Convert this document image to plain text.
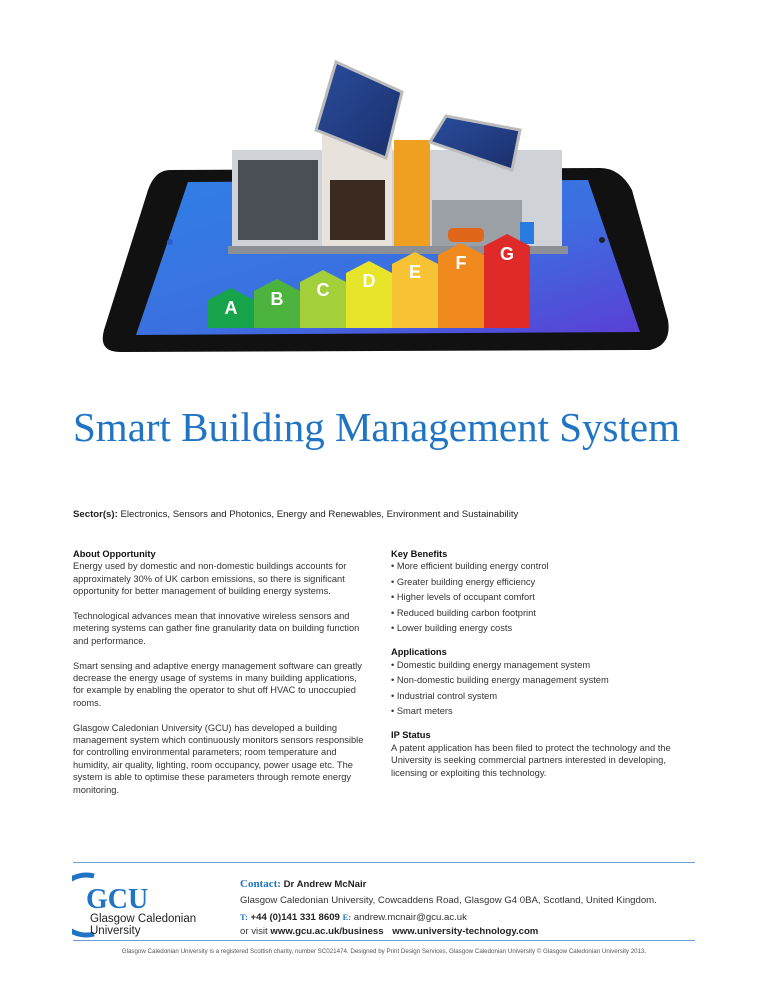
A B C D E F G
Smart Building Management System
Sector(s): Electronics, Sensors and Photonics, Energy and Renewables, Environment and Sustainability
About Opportunity

Energy used by domestic and non-domestic buildings accounts for approximately 30% of UK carbon emissions, so there is significant opportunity for better management of building energy systems.

Technological advances mean that innovative wireless sensors and metering systems can gather fine granularity data on building function and performance.

Smart sensing and adaptive energy management software can greatly decrease the energy usage of systems in many building applications, for example by enabling the operator to shut off HVAC to unoccupied rooms.

Glasgow Caledonian University (GCU) has developed a building management system which continuously monitors sensors responsible for controlling environmental parameters; room temperature and humidity, air quality, lighting, room occupancy, power usage etc. The system is able to optimise these parameters through remote energy monitoring.

Key Benefits
• More efficient building energy control
• Greater building energy efficiency
• Higher levels of occupant comfort
• Reduced building carbon footprint
• Lower building energy costs
Applications
• Domestic building energy management system
• Non-domestic building energy management system
• Industrial control system
• Smart meters
IP Status

A patent application has been filed to protect the technology and the University is seeking commercial partners interested in developing, licensing or exploiting this technology.

GCU
Glasgow Caledonian
University
Contact: Dr Andrew McNair
Glasgow Caledonian University, Cowcaddens Road, Glasgow G4 0BA, Scotland, United Kingdom.
T: +44 (0)141 331 8609 E: andrew.mcnair@gcu.ac.uk
or visit www.gcu.ac.uk/business www.university-technology.com
Glasgow Caledonian University is a registered Scottish charity, number SC021474. Designed by Print Design Services, Glasgow Caledonian University © Glasgow Caledonian University 2013.
